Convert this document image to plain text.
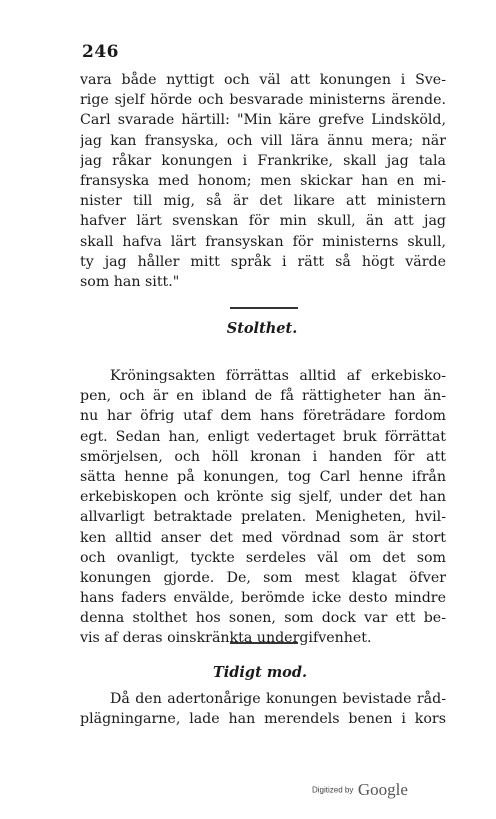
246
vara både nyttigt och väl att konungen i Sve-
rige sjelf hörde och besvarade ministerns ärende.
Carl svarade härtill: "Min käre grefve Lindsköld,
jag kan fransyska, och vill lära ännu mera; när
jag råkar konungen i Frankrike, skall jag tala
fransyska med honom; men skickar han en mi-
nister till mig, så är det likare att ministern
hafver lärt svenskan för min skull, än att jag
skall hafva lärt fransyskan för ministerns skull,
ty jag håller mitt språk i rätt så högt värde
som han sitt."
Stolthet.
Kröningsakten förrättas alltid af erkebisko-
pen, och är en ibland de få rättigheter han än-
nu har öfrig utaf dem hans företrädare fordom
egt. Sedan han, enligt vedertaget bruk förrättat
smörjelsen, och höll kronan i handen för att
sätta henne på konungen, tog Carl henne ifrån
erkebiskopen och krönte sig sjelf, under det han
allvarligt betraktade prelaten. Menigheten, hvil-
ken alltid anser det med vördnad som är stort
och ovanligt, tyckte serdeles väl om det som
konungen gjorde. De, som mest klagat öfver
hans faders envälde, berömde icke desto mindre
denna stolthet hos sonen, som dock var ett be-
vis af deras oinskränkta undergifvenhet.
Tidigt mod.
Då den adertonårige konungen bevistade råd-
plägningarne, lade han merendels benen i kors
Digitized by Google
